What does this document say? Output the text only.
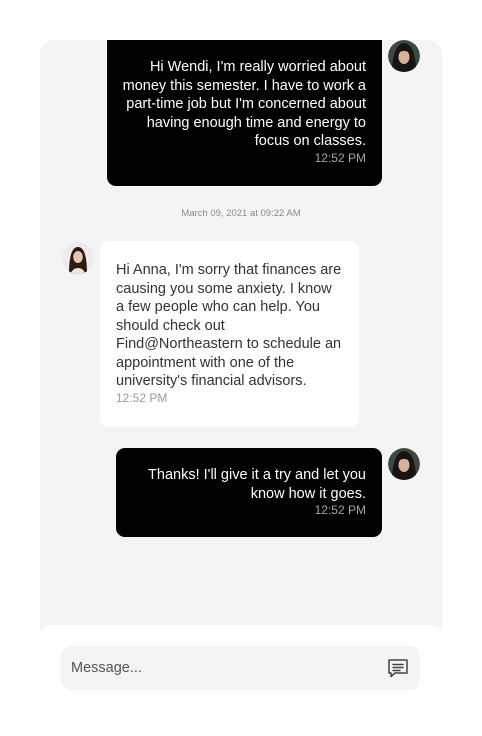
Hi Wendi, I'm really worried about money this semester. I have to work a part-time job but I'm concerned about having enough time and energy to focus on classes.
12:52 PM
March 09, 2021 at 09:22 AM
Hi Anna, I'm sorry that finances are causing you some anxiety. I know a few people who can help. You should check out Find@Northeastern to schedule an appointment with one of the university's financial advisors.
12:52 PM
Thanks! I'll give it a try and let you know how it goes.
12:52 PM
Message...
